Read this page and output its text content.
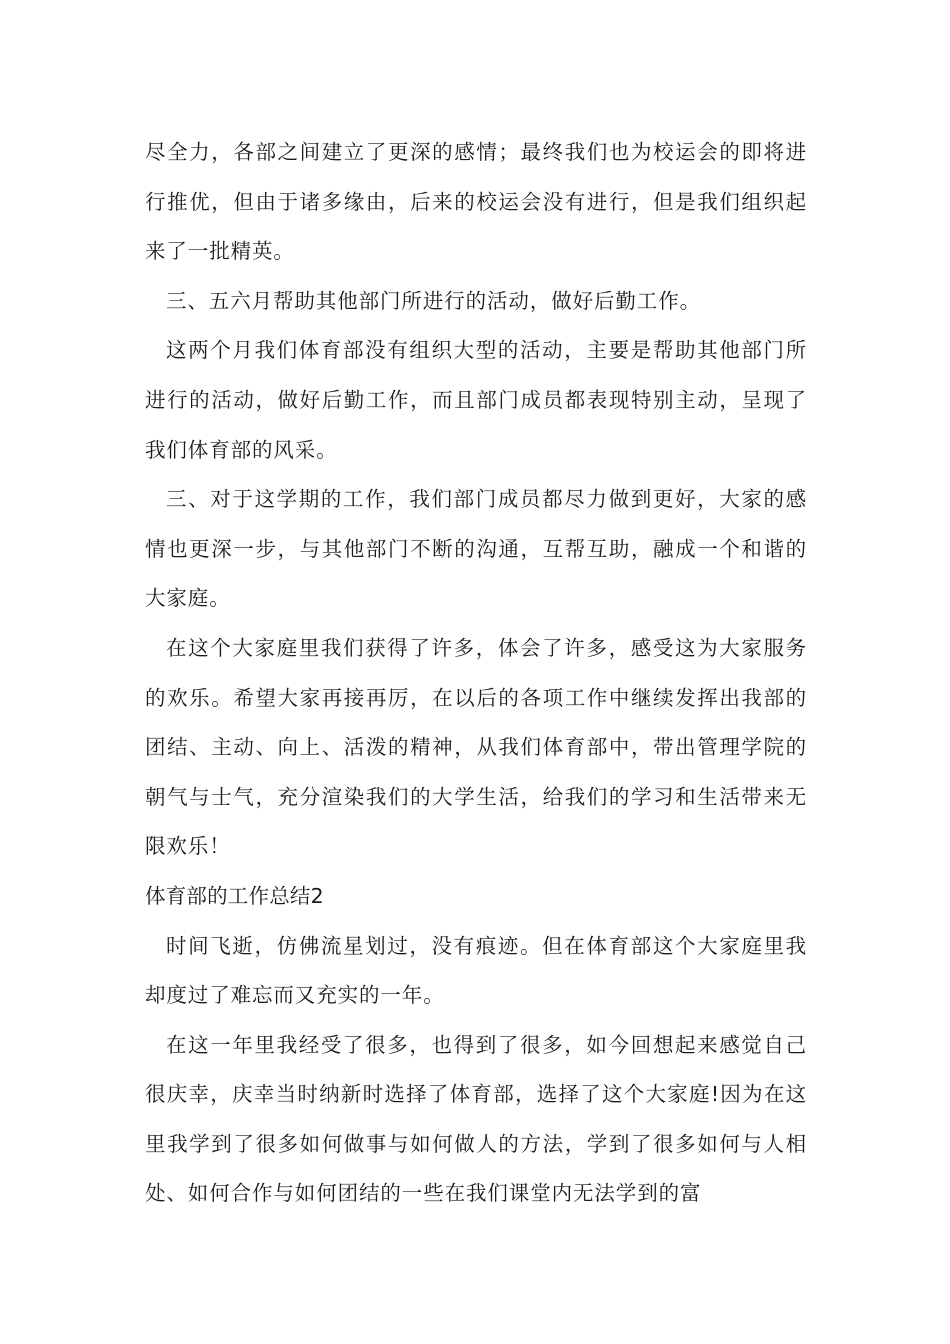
尽全力，各部之间建立了更深的感情；最终我们也为校运会的即将进行推优，但由于诸多缘由，后来的校运会没有进行，但是我们组织起来了一批精英。

三、五六月帮助其他部门所进行的活动，做好后勤工作。

这两个月我们体育部没有组织大型的活动，主要是帮助其他部门所进行的活动，做好后勤工作，而且部门成员都表现特别主动，呈现了我们体育部的风采。

三、对于这学期的工作，我们部门成员都尽力做到更好，大家的感情也更深一步，与其他部门不断的沟通，互帮互助，融成一个和谐的大家庭。

在这个大家庭里我们获得了许多，体会了许多，感受这为大家服务的欢乐。希望大家再接再厉，在以后的各项工作中继续发挥出我部的团结、主动、向上、活泼的精神，从我们体育部中，带出管理学院的朝气与士气，充分渲染我们的大学生活，给我们的学习和生活带来无限欢乐！

体育部的工作总结2

时间飞逝，仿佛流星划过，没有痕迹。但在体育部这个大家庭里我却度过了难忘而又充实的一年。

在这一年里我经受了很多，也得到了很多，如今回想起来感觉自己很庆幸，庆幸当时纳新时选择了体育部，选择了这个大家庭!因为在这里我学到了很多如何做事与如何做人的方法，学到了很多如何与人相处、如何合作与如何团结的一些在我们课堂内无法学到的富
